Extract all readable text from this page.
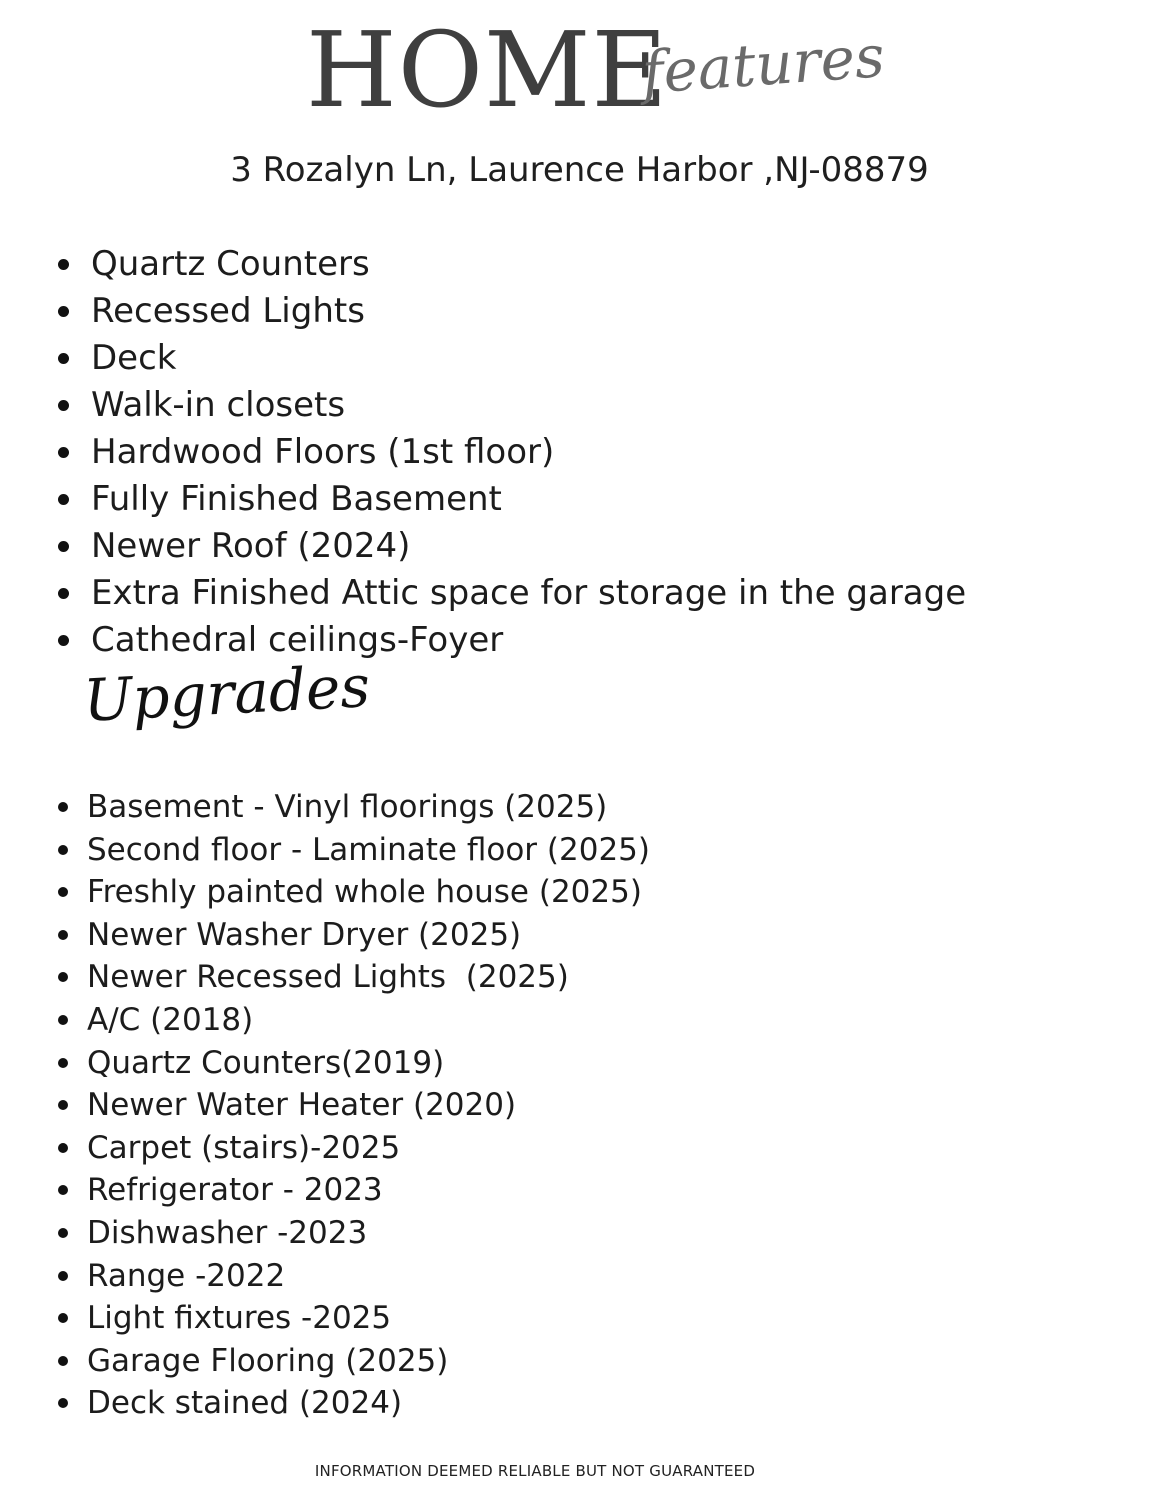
HOME
features
3 Rozalyn Ln, Laurence Harbor ,NJ-08879
Quartz Counters
Recessed Lights
Deck
Walk-in closets
Hardwood Floors (1st floor)
Fully Finished Basement
Newer Roof (2024)
Extra Finished Attic space for storage in the garage
Cathedral ceilings-Foyer
Upgrades
Basement - Vinyl floorings (2025)
Second floor - Laminate floor (2025)
Freshly painted whole house (2025)
Newer Washer Dryer (2025)
Newer Recessed Lights  (2025)
A/C (2018)
Quartz Counters(2019)
Newer Water Heater (2020)
Carpet (stairs)-2025
Refrigerator - 2023
Dishwasher -2023
Range -2022
Light fixtures -2025
Garage Flooring (2025)
Deck stained (2024)
INFORMATION DEEMED RELIABLE BUT NOT GUARANTEED
